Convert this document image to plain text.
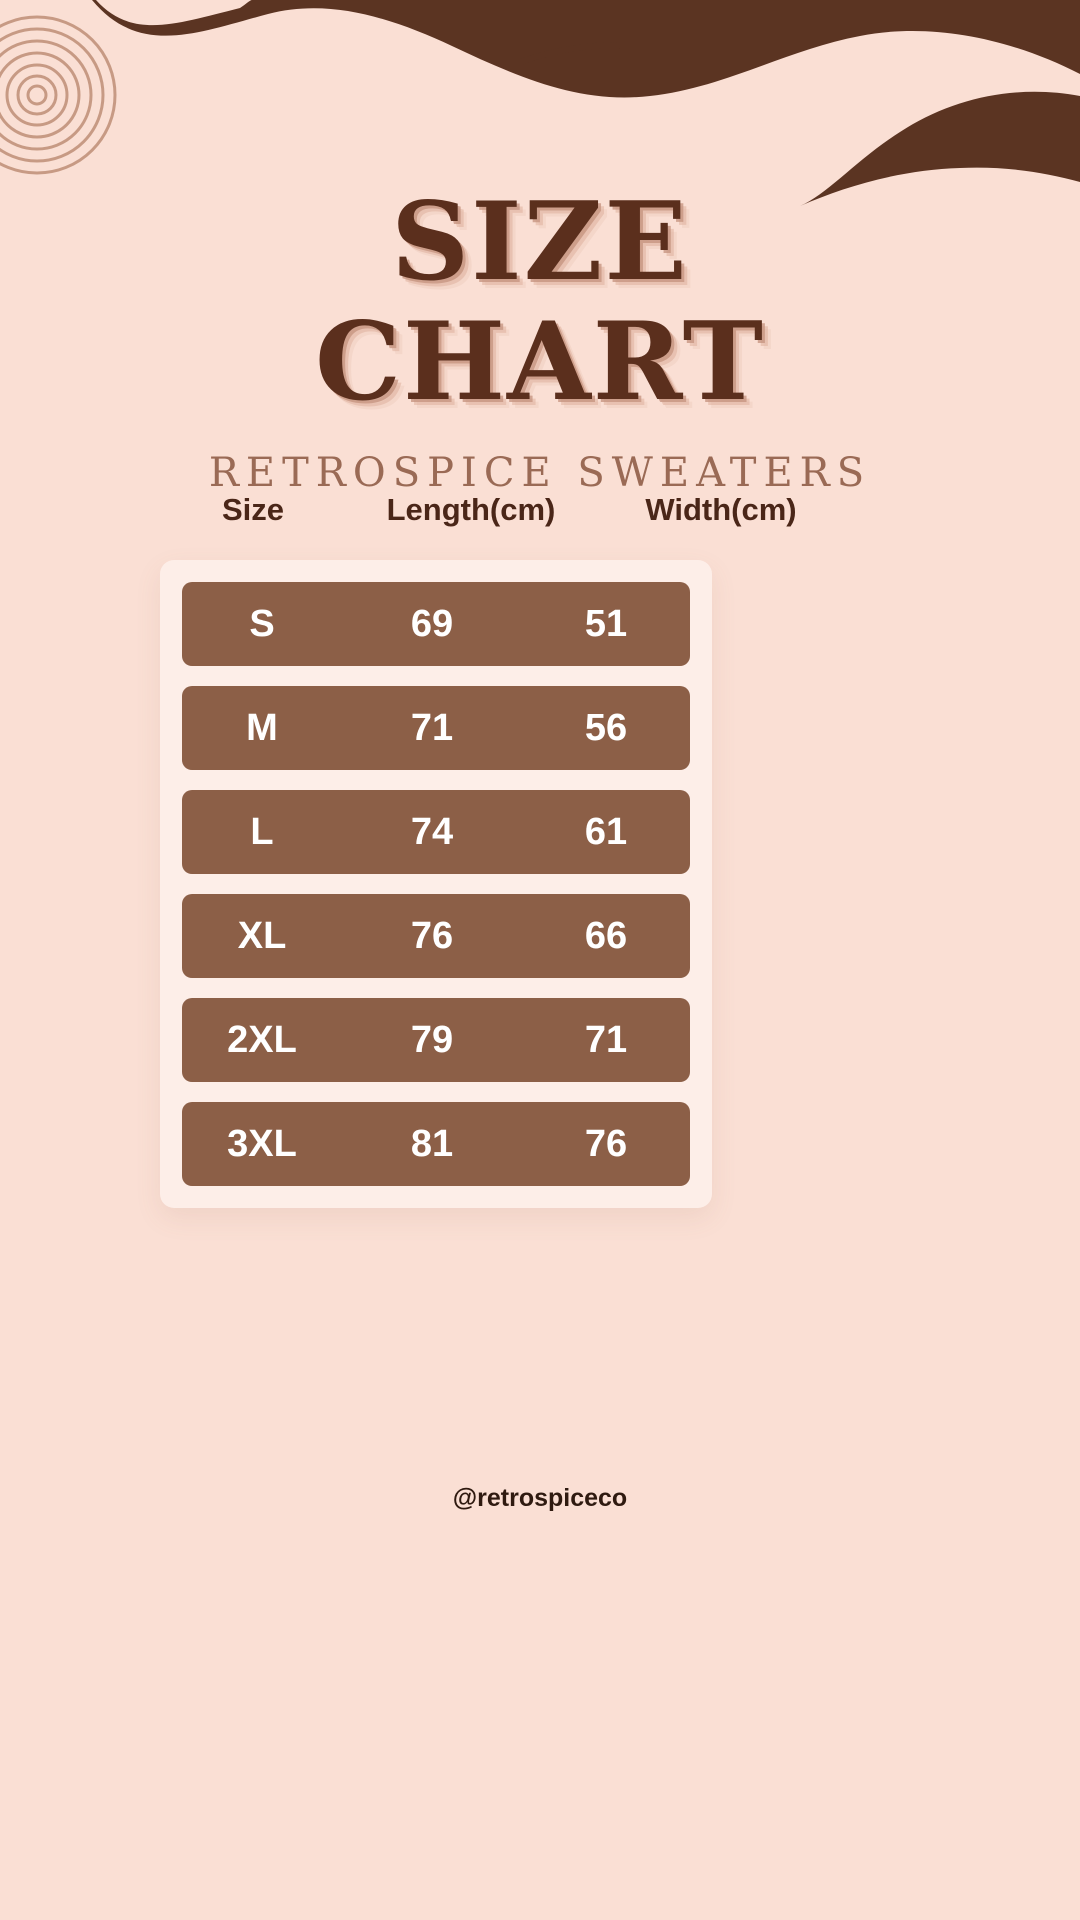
SIZE
CHART
RETROSPICE SWEATERS
Size	Length(cm)	Width(cm)
S	69	51
M	71	56
L	74	61
XL	76	66
2XL	79	71
3XL	81	76
@retrospiceco
